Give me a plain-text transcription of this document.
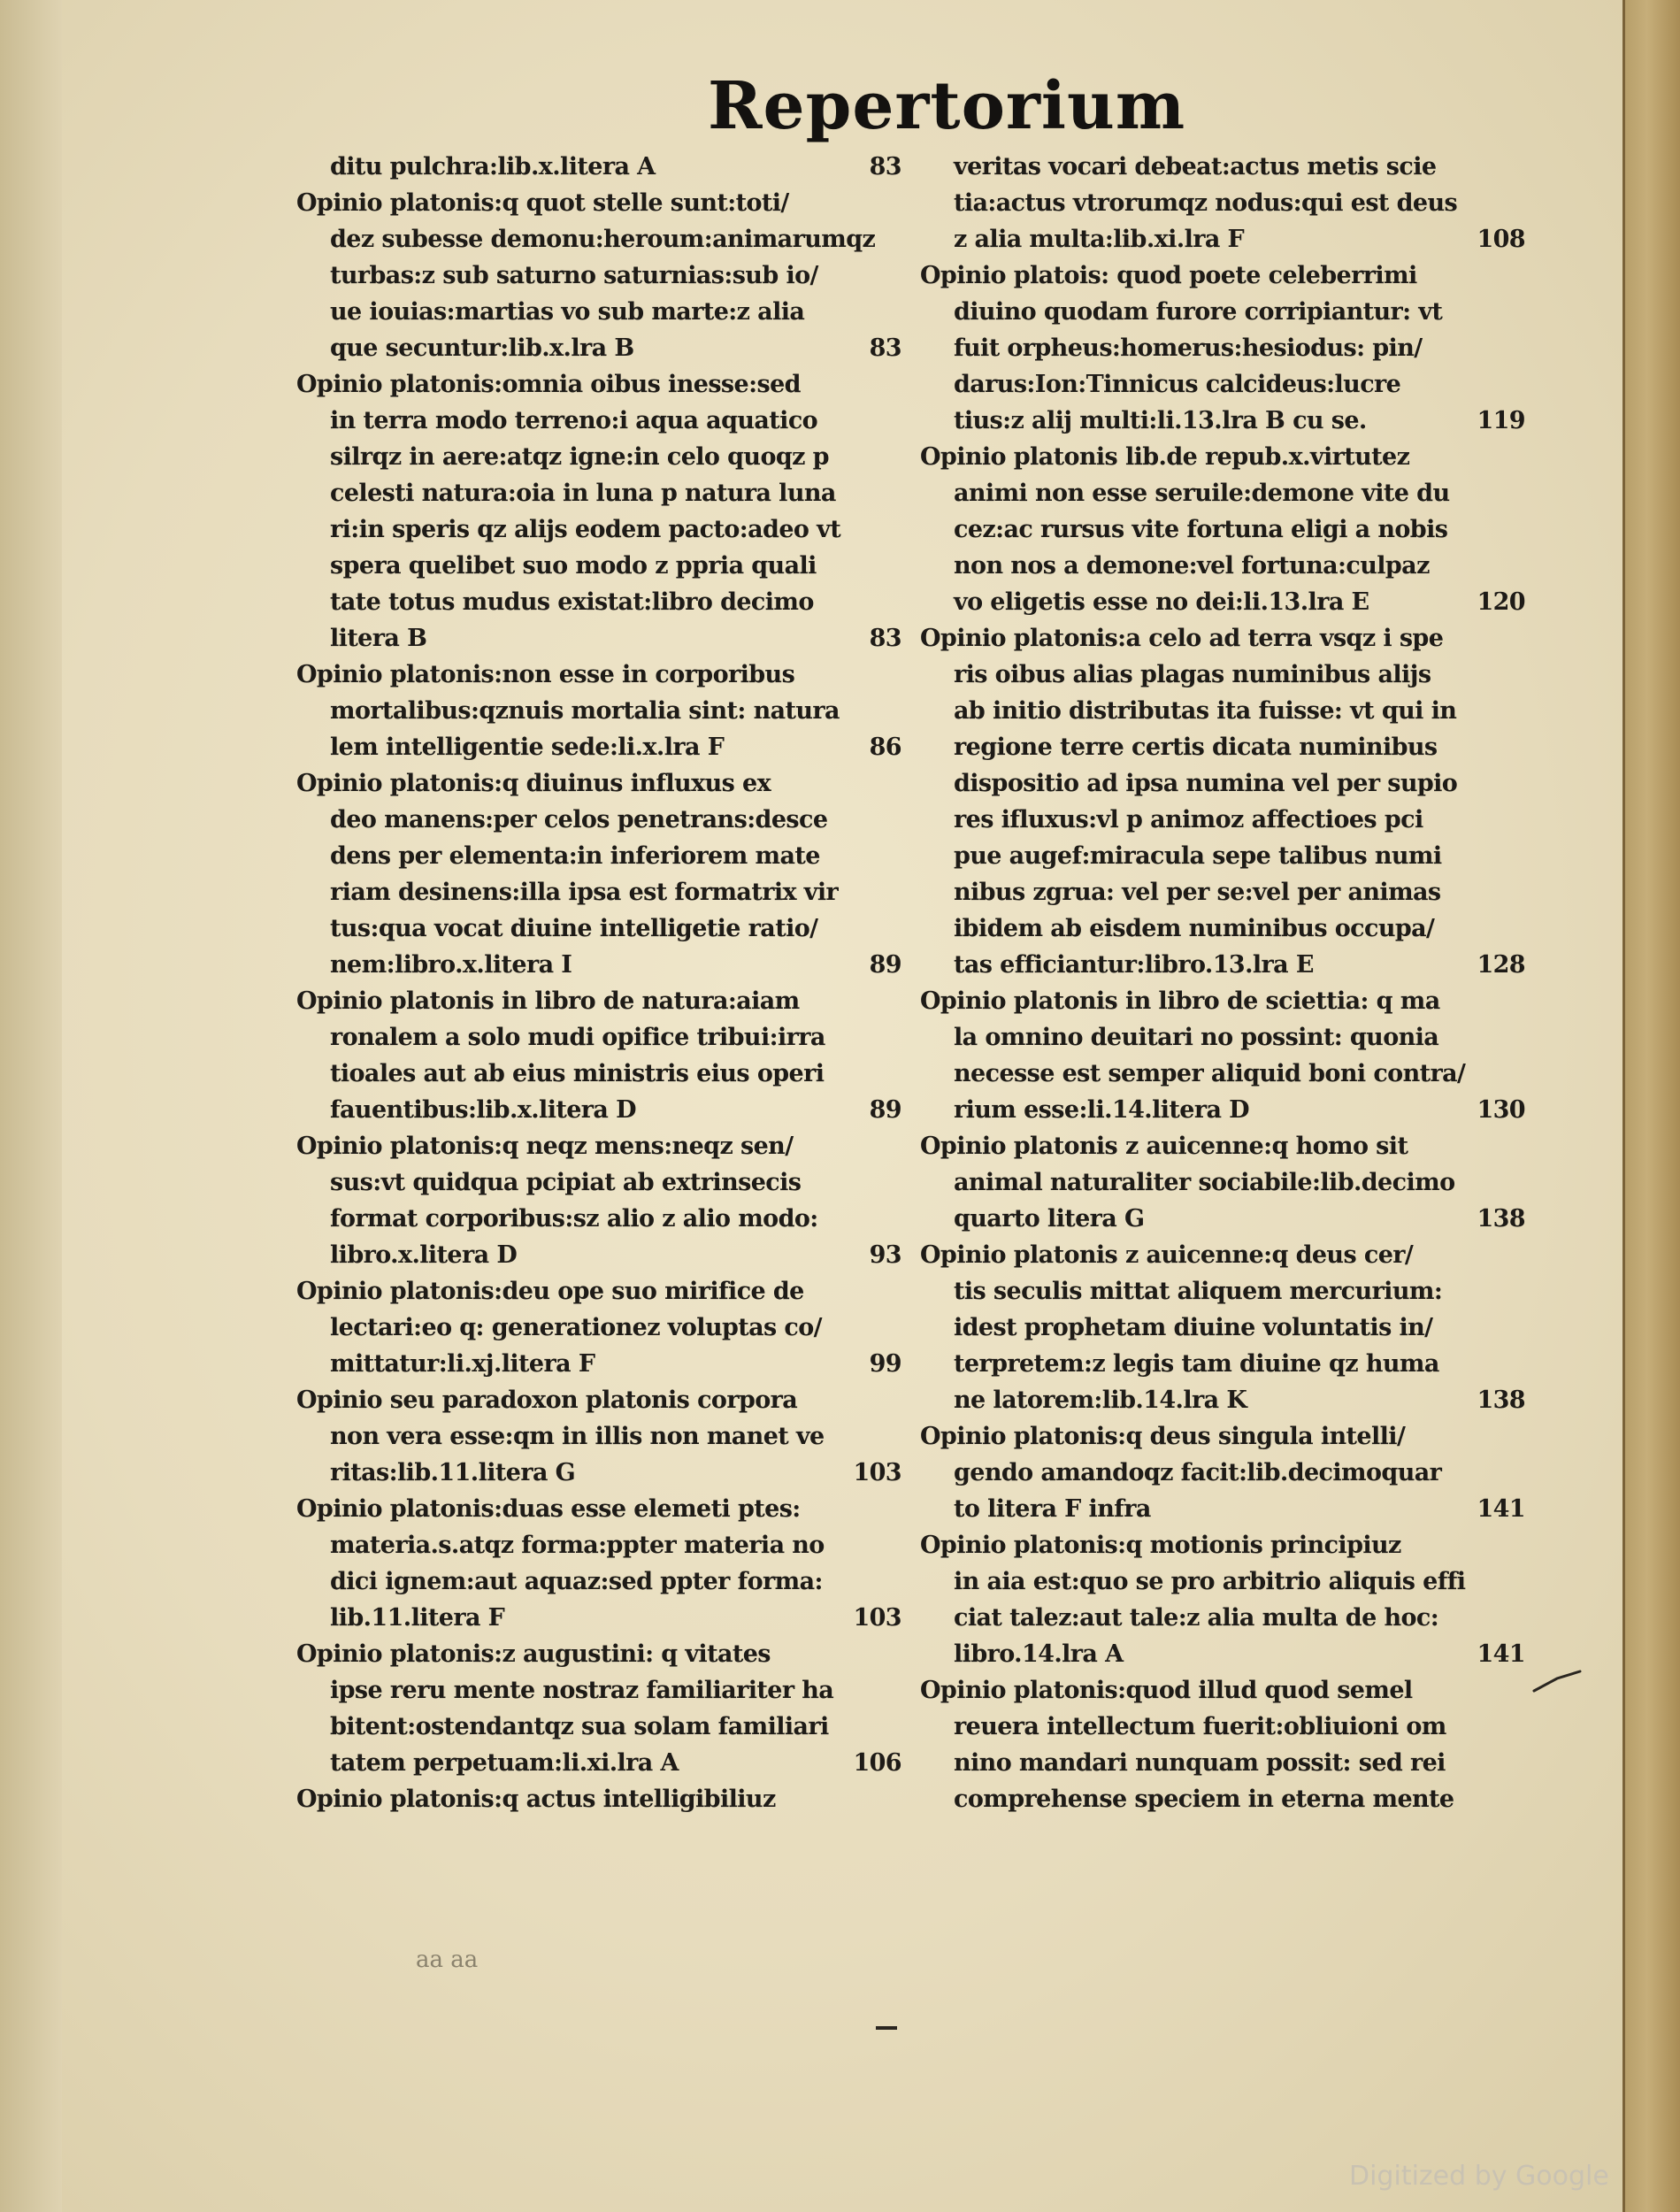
Repertorium
83
ditu pulchra:lib.x.litera A
Opinio platonis:q quot stelle sunt:toti/
dez subesse demonu:heroum:animarumqz
turbas:z sub saturno saturnias:sub io/
ue iouias:martias vo sub marte:z alia
83
que secuntur:lib.x.lra B
Opinio platonis:omnia oibus inesse:sed
in terra modo terreno:i aqua aquatico
silrqz in aere:atqz igne:in celo quoqz p
celesti natura:oia in luna p natura luna
ri:in speris qz alijs eodem pacto:adeo vt
spera quelibet suo modo z ppria quali
tate totus mudus existat:libro decimo
83
litera B
Opinio platonis:non esse in corporibus
mortalibus:qznuis mortalia sint: natura
86
lem intelligentie sede:li.x.lra F
Opinio platonis:q diuinus influxus ex
deo manens:per celos penetrans:desce
dens per elementa:in inferiorem mate
riam desinens:illa ipsa est formatrix vir
tus:qua vocat diuine intelligetie ratio/
89
nem:libro.x.litera I
Opinio platonis in libro de natura:aiam
ronalem a solo mudi opifice tribui:irra
tioales aut ab eius ministris eius operi
89
fauentibus:lib.x.litera D
Opinio platonis:q neqz mens:neqz sen/
sus:vt quidqua pcipiat ab extrinsecis
format corporibus:sz alio z alio modo:
93
libro.x.litera D
Opinio platonis:deu ope suo mirifice de
lectari:eo q: generationez voluptas co/
99
mittatur:li.xj.litera F
Opinio seu paradoxon platonis corpora
non vera esse:qm in illis non manet ve
103
ritas:lib.11.litera G
Opinio platonis:duas esse elemeti ptes:
materia.s.atqz forma:ppter materia no
dici ignem:aut aquaz:sed ppter forma:
103
lib.11.litera F
Opinio platonis:z augustini: q vitates
ipse reru mente nostraz familiariter ha
bitent:ostendantqz sua solam familiari
106
tatem perpetuam:li.xi.lra A
Opinio platonis:q actus intelligibiliuz
veritas vocari debeat:actus metis scie
tia:actus vtrorumqz nodus:qui est deus
108
z alia multa:lib.xi.lra F
Opinio platois: quod poete celeberrimi
diuino quodam furore corripiantur: vt
fuit orpheus:homerus:hesiodus: pin/
darus:Ion:Tinnicus calcideus:lucre
119
tius:z alij multi:li.13.lra B cu se.
Opinio platonis lib.de repub.x.virtutez
animi non esse seruile:demone vite du
cez:ac rursus vite fortuna eligi a nobis
non nos a demone:vel fortuna:culpaz
120
vo eligetis esse no dei:li.13.lra E
Opinio platonis:a celo ad terra vsqz i spe
ris oibus alias plagas numinibus alijs
ab initio distributas ita fuisse: vt qui in
regione terre certis dicata numinibus
dispositio ad ipsa numina vel per supio
res ifluxus:vl p animoz affectioes pci
pue augef:miracula sepe talibus numi
nibus zgrua: vel per se:vel per animas
ibidem ab eisdem numinibus occupa/
128
tas efficiantur:libro.13.lra E
Opinio platonis in libro de sciettia: q ma
la omnino deuitari no possint: quonia
necesse est semper aliquid boni contra/
130
rium esse:li.14.litera D
Opinio platonis z auicenne:q homo sit
animal naturaliter sociabile:lib.decimo
138
quarto litera G
Opinio platonis z auicenne:q deus cer/
tis seculis mittat aliquem mercurium:
idest prophetam diuine voluntatis in/
terpretem:z legis tam diuine qz huma
138
ne latorem:lib.14.lra K
Opinio platonis:q deus singula intelli/
gendo amandoqz facit:lib.decimoquar
141
to litera F infra
Opinio platonis:q motionis principiuz
in aia est:quo se pro arbitrio aliquis effi
ciat talez:aut tale:z alia multa de hoc:
141
libro.14.lra A
Opinio platonis:quod illud quod semel
reuera intellectum fuerit:obliuioni om
nino mandari nunquam possit: sed rei
comprehense speciem in eterna mente
aa aa
Digitized by Google
